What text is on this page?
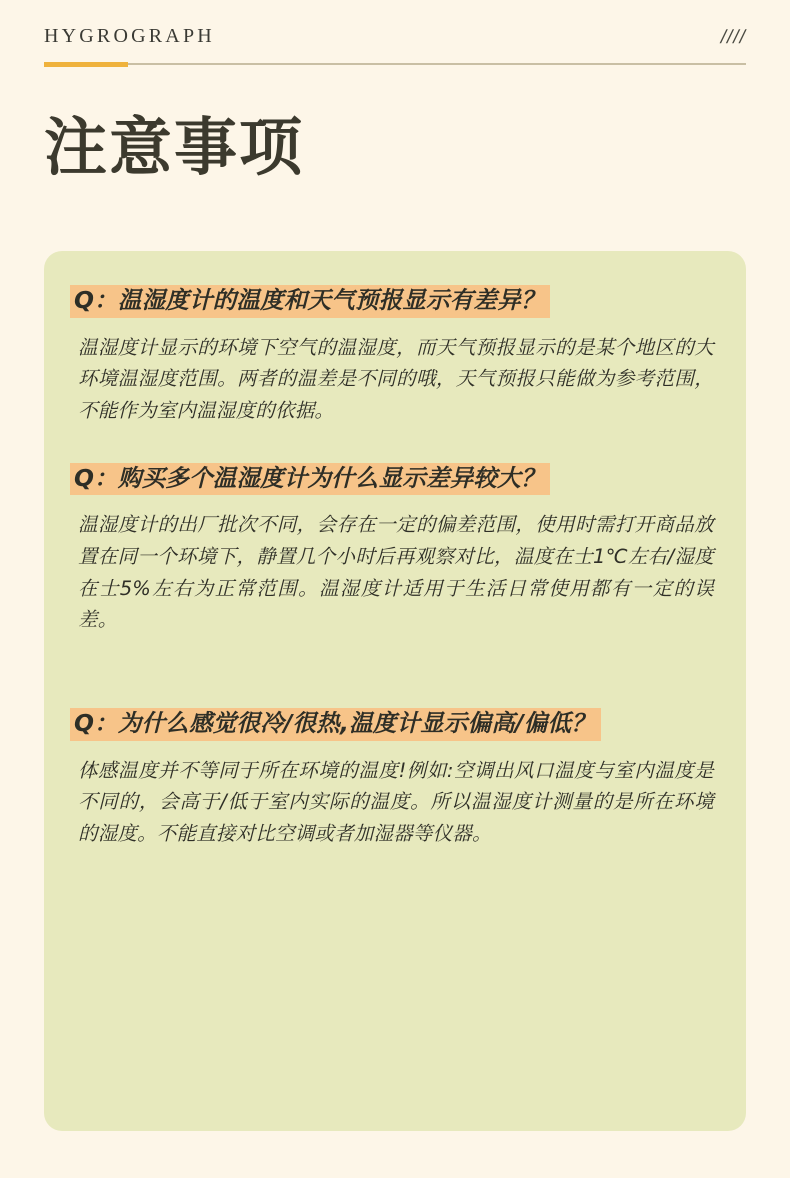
HYGROGRAPH	////
注意事项
Q：温湿度计的温度和天气预报显示有差异？
温湿度计显示的环境下空气的温湿度，而天气预报显示的是某个地区的大环境温湿度范围。两者的温差是不同的哦，天气预报只能做为参考范围，不能作为室内温湿度的依据。
Q：购买多个温湿度计为什么显示差异较大？
温湿度计的出厂批次不同，会存在一定的偏差范围，使用时需打开商品放置在同一个环境下，静置几个小时后再观察对比，温度在士1℃左右/湿度在士5%左右为正常范围。温湿度计适用于生活日常使用都有一定的误差。
Q：为什么感觉很冷/很热,温度计显示偏高/偏低？
体感温度并不等同于所在环境的温度!例如:空调出风口温度与室内温度是不同的，会高于/低于室内实际的温度。所以温湿度计测量的是所在环境的湿度。不能直接对比空调或者加湿器等仪器。
